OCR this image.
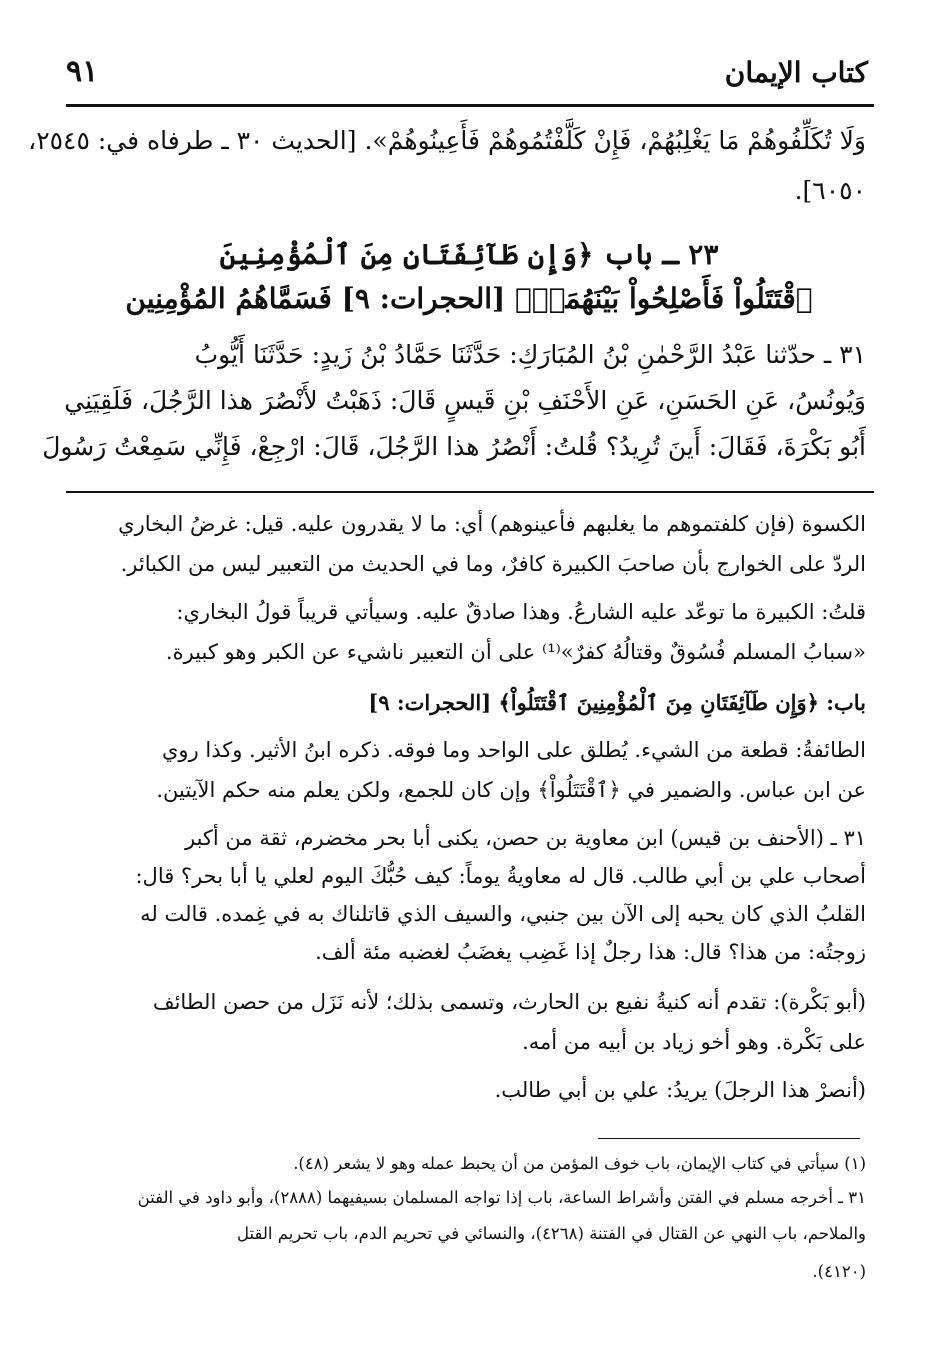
كتاب الإيمان
٩١
وَلَا تُكَلِّفُوهُمْ مَا يَغْلِبُهُمْ، فَإِنْ كَلَّفْتُمُوهُمْ فَأَعِينُوهُمْ». [الحديث ٣٠ ـ طرفاه في: ٢٥٤٥،
٦٠٥٠].
٢٣ ـ باب ﴿وَإِن طَآئِفَتَانِ مِنَ ٱلْمُؤْمِنِينَ
ٱقْتَتَلُواْ فَأَصْلِحُواْ بَيْنَهُمَاۖ﴾ [الحجرات: ٩] فَسَمَّاهُمُ المُؤْمِنِين
٣١ ـ حدّثنا عَبْدُ الرَّحْمٰنِ بْنُ المُبَارَكِ: حَدَّثَنَا حَمَّادُ بْنُ زَيدٍ: حَدَّثَنَا أَيُّوبُ
وَيُونُسُ، عَنِ الحَسَنِ، عَنِ الأَحْنَفِ بْنِ قَيسٍ قَالَ: ذَهَبْتُ لأَنْصُرَ هذا الرَّجُلَ، فَلَقِيَنِي
أَبُو بَكْرَةَ، فَقَالَ: أَينَ تُرِيدُ؟ قُلتُ: أَنْصُرُ هذا الرَّجُلَ، قَالَ: ارْجِعْ، فَإِنِّي سَمِعْتُ رَسُولَ
الكسوة (فإن كلفتموهم ما يغلبهم فأعينوهم) أي: ما لا يقدرون عليه. قيل: غرضُ البخاري
الردّ على الخوارج بأن صاحبَ الكبيرة كافرٌ، وما في الحديث من التعبير ليس من الكبائر.
قلتُ: الكبيرة ما توعّد عليه الشارعُ. وهذا صادقٌ عليه. وسيأتي قريباً قولُ البخاري:
«سبابُ المسلم فُسُوقٌ وقتالُهُ كفرٌ»⁽¹⁾ على أن التعبير ناشيء عن الكبر وهو كبيرة.
باب: ﴿وَإِن طَآئِفَتَانِ مِنَ ٱلْمُؤْمِنِينَ ٱقْتَتَلُواْ﴾ [الحجرات: ٩]
الطائفةُ: قطعة من الشيء. يُطلق على الواحد وما فوقه. ذكره ابنُ الأثير. وكذا روي
عن ابن عباس. والضمير في ﴿ٱقْتَتَلُواْ﴾ وإن كان للجمع، ولكن يعلم منه حكم الآيتين.
٣١ ـ (الأحنف بن قيس) ابن معاوية بن حصن، يكنى أبا بحر مخضرم، ثقة من أكبر
أصحاب علي بن أبي طالب. قال له معاويةُ يوماً: كيف حُبُّكَ اليوم لعلي يا أبا بحر؟ قال:
القلبُ الذي كان يحبه إلى الآن بين جنبي، والسيف الذي قاتلناك به في غِمده. قالت له
زوجتُه: من هذا؟ قال: هذا رجلٌ إذا غَضِب يغضَبُ لغضبه مئة ألف.
(أبو بَكْرة): تقدم أنه كنيةُ نفيع بن الحارث، وتسمى بذلك؛ لأنه نَزَل من حصن الطائف
على بَكْرة. وهو أخو زياد بن أبيه من أمه.
(أنصرْ هذا الرجلَ) يريدُ: علي بن أبي طالب.
(١) سيأتي في كتاب الإيمان، باب خوف المؤمن من أن يحبط عمله وهو لا يشعر (٤٨).
٣١ ـ أخرجه مسلم في الفتن وأشراط الساعة، باب إذا تواجه المسلمان بسيفيهما (٢٨٨٨)، وأبو داود في الفتن
والملاحم، باب النهي عن القتال في الفتنة (٤٢٦٨)، والنسائي في تحريم الدم، باب تحريم القتل
(٤١٢٠).
